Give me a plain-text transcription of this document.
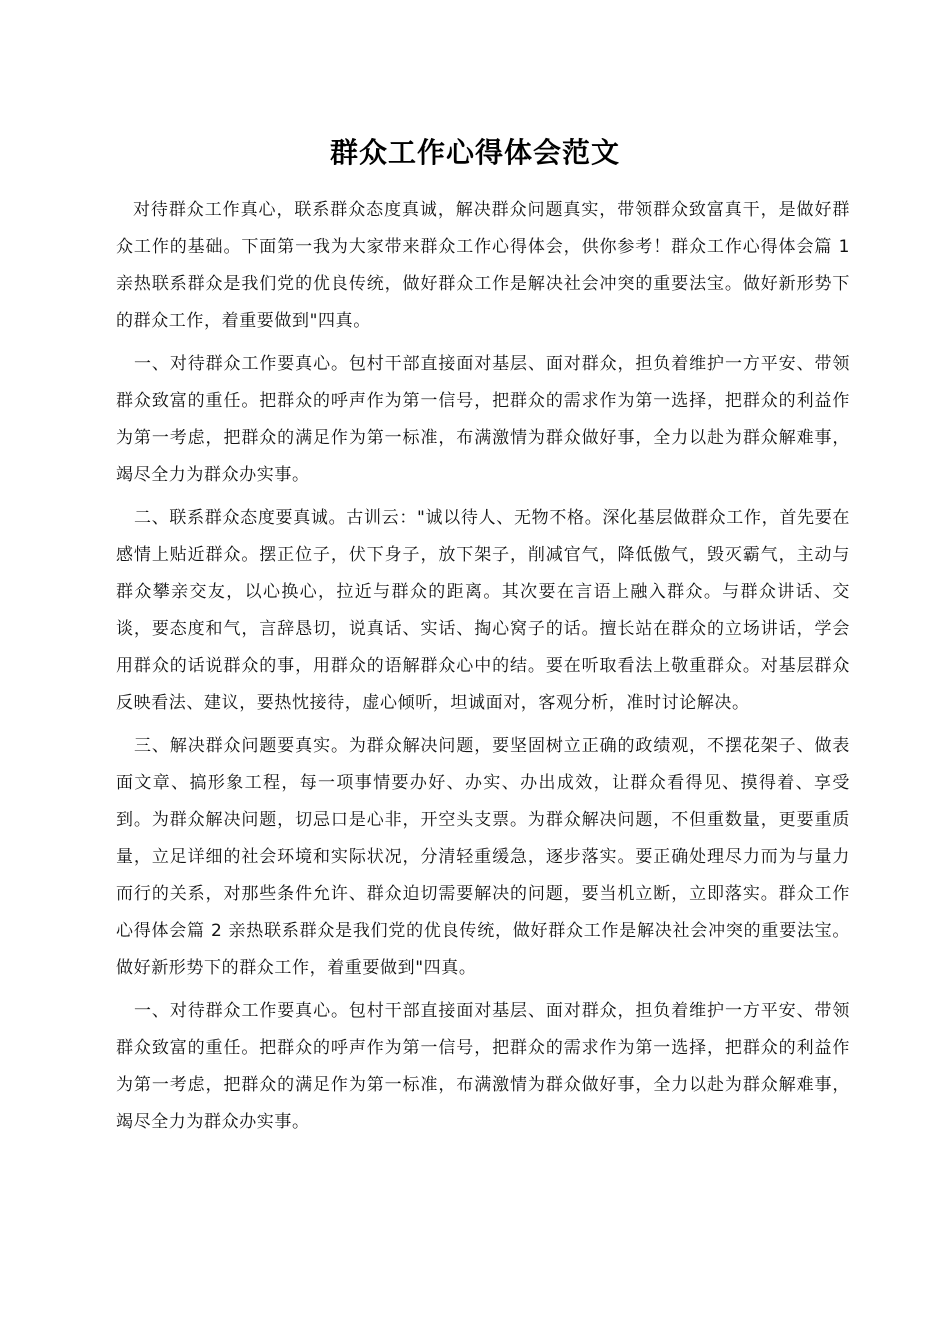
群众工作心得体会范文

对待群众工作真心，联系群众态度真诚，解决群众问题真实，带领群众致富真干，是做好群众工作的基础。下面第一我为大家带来群众工作心得体会，供你参考！群众工作心得体会篇 1 亲热联系群众是我们党的优良传统，做好群众工作是解决社会冲突的重要法宝。做好新形势下的群众工作，着重要做到"四真。

一、对待群众工作要真心。包村干部直接面对基层、面对群众，担负着维护一方平安、带领群众致富的重任。把群众的呼声作为第一信号，把群众的需求作为第一选择，把群众的利益作为第一考虑，把群众的满足作为第一标准，布满激情为群众做好事，全力以赴为群众解难事，竭尽全力为群众办实事。

二、联系群众态度要真诚。古训云："诚以待人、无物不格。深化基层做群众工作，首先要在感情上贴近群众。摆正位子，伏下身子，放下架子，削减官气，降低傲气，毁灭霸气，主动与群众攀亲交友，以心换心，拉近与群众的距离。其次要在言语上融入群众。与群众讲话、交谈，要态度和气，言辞恳切，说真话、实话、掏心窝子的话。擅长站在群众的立场讲话，学会用群众的话说群众的事，用群众的语解群众心中的结。要在听取看法上敬重群众。对基层群众反映看法、建议，要热忱接待，虚心倾听，坦诚面对，客观分析，准时讨论解决。

三、解决群众问题要真实。为群众解决问题，要坚固树立正确的政绩观，不摆花架子、做表面文章、搞形象工程，每一项事情要办好、办实、办出成效，让群众看得见、摸得着、享受到。为群众解决问题，切忌口是心非，开空头支票。为群众解决问题，不但重数量，更要重质量，立足详细的社会环境和实际状况，分清轻重缓急，逐步落实。要正确处理尽力而为与量力而行的关系，对那些条件允许、群众迫切需要解决的问题，要当机立断，立即落实。群众工作心得体会篇 2 亲热联系群众是我们党的优良传统，做好群众工作是解决社会冲突的重要法宝。做好新形势下的群众工作，着重要做到"四真。

一、对待群众工作要真心。包村干部直接面对基层、面对群众，担负着维护一方平安、带领群众致富的重任。把群众的呼声作为第一信号，把群众的需求作为第一选择，把群众的利益作为第一考虑，把群众的满足作为第一标准，布满激情为群众做好事，全力以赴为群众解难事，竭尽全力为群众办实事。
